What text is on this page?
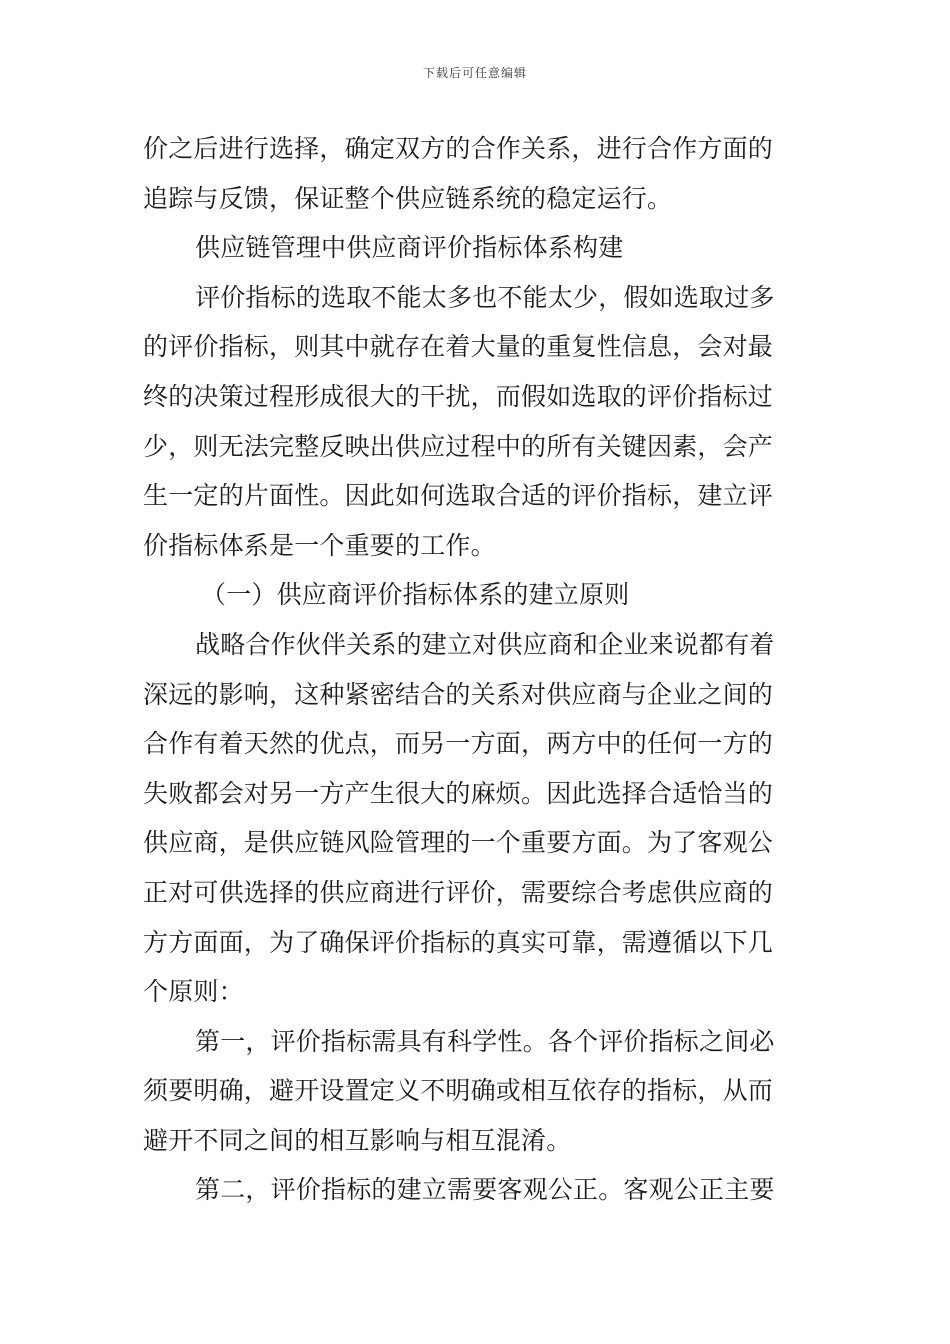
下载后可任意编辑
价之后进行选择，确定双方的合作关系，进行合作方面的
追踪与反馈，保证整个供应链系统的稳定运行。
供应链管理中供应商评价指标体系构建
评价指标的选取不能太多也不能太少，假如选取过多
的评价指标，则其中就存在着大量的重复性信息，会对最
终的决策过程形成很大的干扰，而假如选取的评价指标过
少，则无法完整反映出供应过程中的所有关键因素，会产
生一定的片面性。因此如何选取合适的评价指标，建立评
价指标体系是一个重要的工作。
（一）供应商评价指标体系的建立原则
战略合作伙伴关系的建立对供应商和企业来说都有着
深远的影响，这种紧密结合的关系对供应商与企业之间的
合作有着天然的优点，而另一方面，两方中的任何一方的
失败都会对另一方产生很大的麻烦。因此选择合适恰当的
供应商，是供应链风险管理的一个重要方面。为了客观公
正对可供选择的供应商进行评价，需要综合考虑供应商的
方方面面，为了确保评价指标的真实可靠，需遵循以下几
个原则：
第一，评价指标需具有科学性。各个评价指标之间必
须要明确，避开设置定义不明确或相互依存的指标，从而
避开不同之间的相互影响与相互混淆。
第二，评价指标的建立需要客观公正。客观公正主要
